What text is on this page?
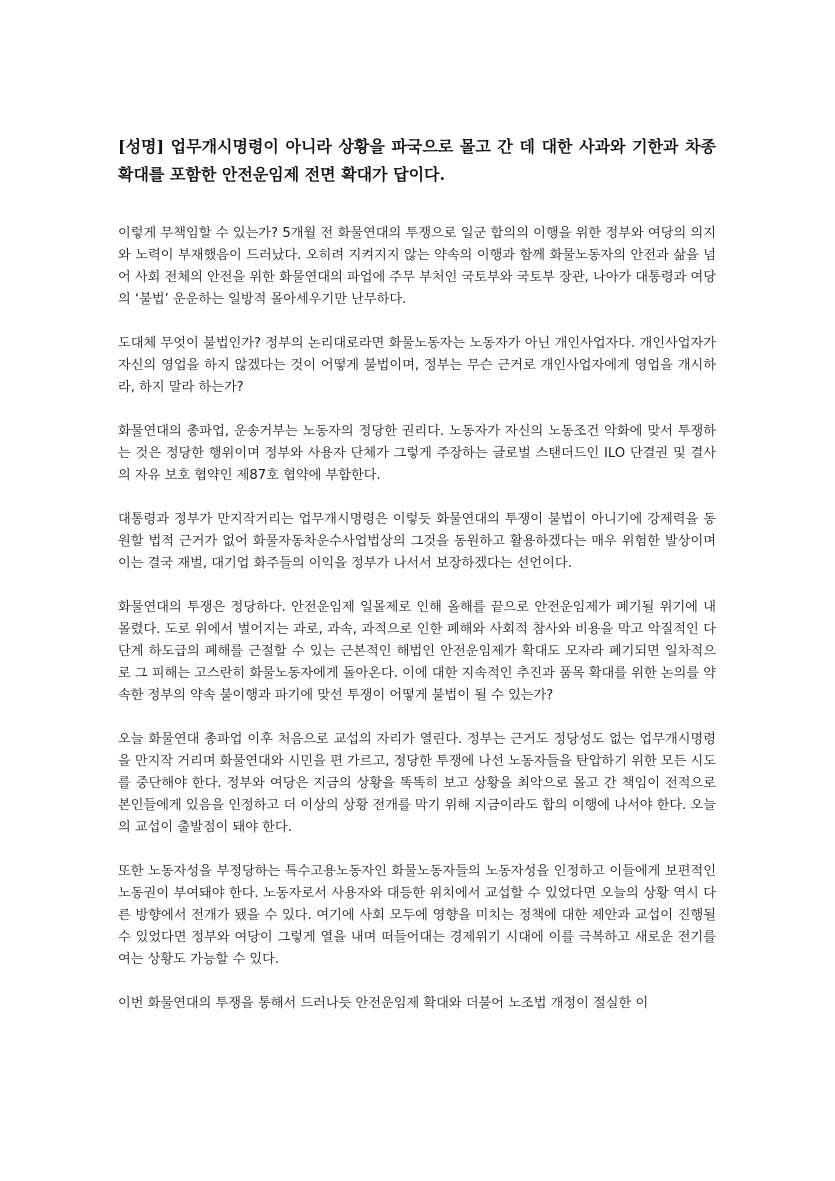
[성명] 업무개시명령이 아니라 상황을 파국으로 몰고 간 데 대한 사과와 기한과 차종 확대를 포함한 안전운임제 전면 확대가 답이다.

이렇게 무책임할 수 있는가? 5개월 전 화물연대의 투쟁으로 일군 합의의 이행을 위한 정부와 여당의 의지와 노력이 부재했음이 드러났다. 오히려 지켜지지 않는 약속의 이행과 함께 화물노동자의 안전과 삶을 넘어 사회 전체의 안전을 위한 화물연대의 파업에 주무 부처인 국토부와 국토부 장관, 나아가 대통령과 여당의 ‘불법’ 운운하는 일방적 몰아세우기만 난무하다.

도대체 무엇이 불법인가? 정부의 논리대로라면 화물노동자는 노동자가 아닌 개인사업자다. 개인사업자가 자신의 영업을 하지 않겠다는 것이 어떻게 불법이며, 정부는 무슨 근거로 개인사업자에게 영업을 개시하라, 하지 말라 하는가?

화물연대의 총파업, 운송거부는 노동자의 정당한 권리다. 노동자가 자신의 노동조건 악화에 맞서 투쟁하는 것은 정당한 행위이며 정부와 사용자 단체가 그렇게 주장하는 글로벌 스탠더드인 ILO 단결권 및 결사의 자유 보호 협약인 제87호 협약에 부합한다.

대통령과 정부가 만지작거리는 업무개시명령은 이렇듯 화물연대의 투쟁이 불법이 아니기에 강제력을 동원할 법적 근거가 없어 화물자동차운수사업법상의 그것을 동원하고 활용하겠다는 매우 위험한 발상이며 이는 결국 재벌, 대기업 화주들의 이익을 정부가 나서서 보장하겠다는 선언이다.

화물연대의 투쟁은 정당하다. 안전운임제 일몰제로 인해 올해를 끝으로 안전운임제가 폐기될 위기에 내몰렸다. 도로 위에서 벌어지는 과로, 과속, 과적으로 인한 폐해와 사회적 참사와 비용을 막고 악질적인 다단계 하도급의 폐해를 근절할 수 있는 근본적인 해법인 안전운임제가 확대도 모자라 폐기되면 일차적으로 그 피해는 고스란히 화물노동자에게 돌아온다. 이에 대한 지속적인 추진과 품목 확대를 위한 논의를 약속한 정부의 약속 불이행과 파기에 맞선 투쟁이 어떻게 불법이 될 수 있는가?

오늘 화물연대 총파업 이후 처음으로 교섭의 자리가 열린다. 정부는 근거도 정당성도 없는 업무개시명령을 만지작 거리며 화물연대와 시민을 편 가르고, 정당한 투쟁에 나선 노동자들을 탄압하기 위한 모든 시도를 중단해야 한다. 정부와 여당은 지금의 상황을 똑똑히 보고 상황을 최악으로 몰고 간 책임이 전적으로 본인들에게 있음을 인정하고 더 이상의 상황 전개를 막기 위해 지금이라도 합의 이행에 나서야 한다. 오늘의 교섭이 출발점이 돼야 한다.

또한 노동자성을 부정당하는 특수고용노동자인 화물노동자들의 노동자성을 인정하고 이들에게 보편적인 노동권이 부여돼야 한다. 노동자로서 사용자와 대등한 위치에서 교섭할 수 있었다면 오늘의 상황 역시 다른 방향에서 전개가 됐을 수 있다. 여기에 사회 모두에 영향을 미치는 정책에 대한 제안과 교섭이 진행될 수 있었다면 정부와 여당이 그렇게 열을 내며 떠들어대는 경제위기 시대에 이를 극복하고 새로운 전기를 여는 상황도 가능할 수 있다.

이번 화물연대의 투쟁을 통해서 드러나듯 안전운임제 확대와 더불어 노조법 개정이 절실한 이
